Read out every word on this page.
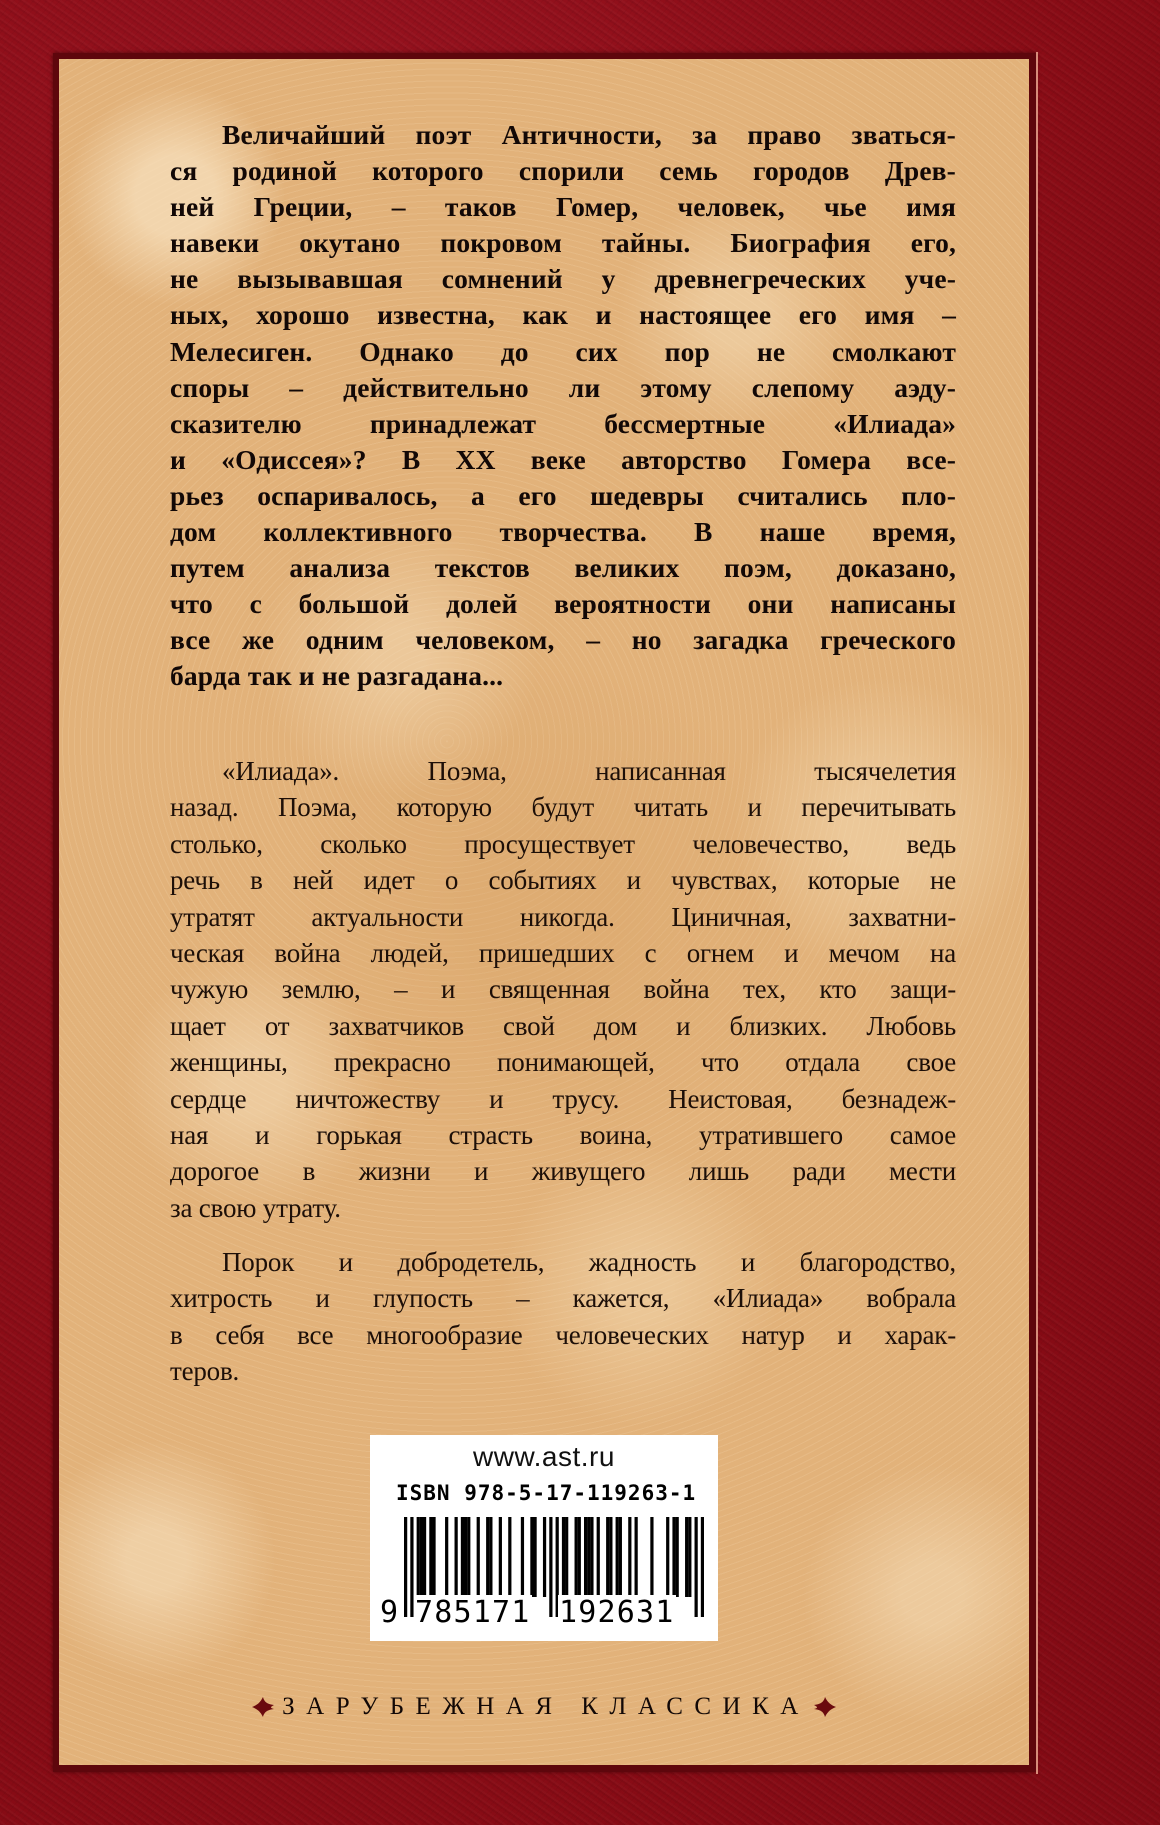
Величайший поэт Античности, за право зваться-
ся родиной которого спорили семь городов Древ-
ней Греции, – таков Гомер, человек, чье имя
навеки окутано покровом тайны. Биография его,
не вызывавшая сомнений у древнегреческих уче-
ных, хорошо известна, как и настоящее его имя –
Мелесиген. Однако до сих пор не смолкают
споры – действительно ли этому слепому аэду-
сказителю принадлежат бессмертные «Илиада»
и «Одиссея»? В XX веке авторство Гомера все-
рьез оспаривалось, а его шедевры считались пло-
дом коллективного творчества. В наше время,
путем анализа текстов великих поэм, доказано,
что с большой долей вероятности они написаны
все же одним человеком, – но загадка греческого
барда так и не разгадана...
«Илиада». Поэма, написанная тысячелетия
назад. Поэма, которую будут читать и перечитывать
столько, сколько просуществует человечество, ведь
речь в ней идет о событиях и чувствах, которые не
утратят актуальности никогда. Циничная, захватни-
ческая война людей, пришедших с огнем и мечом на
чужую землю, – и священная война тех, кто защи-
щает от захватчиков свой дом и близких. Любовь
женщины, прекрасно понимающей, что отдала свое
сердце ничтожеству и трусу. Неистовая, безнадеж-
ная и горькая страсть воина, утратившего самое
дорогое в жизни и живущего лишь ради мести
за свою утрату.
Порок и добродетель, жадность и благородство,
хитрость и глупость – кажется, «Илиада» вобрала
в себя все многообразие человеческих натур и харак-
теров.
www.ast.ru
ISBN 978-5-17-119263-1
9 785171 192631
ЗАРУБЕЖНАЯ КЛАССИКА
